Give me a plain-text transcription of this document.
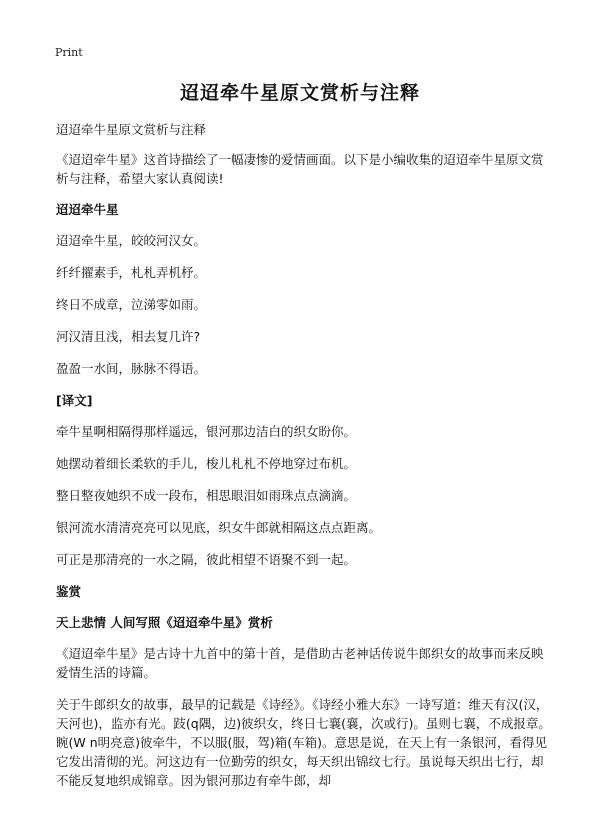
Print
迢迢牵牛星原文赏析与注释

迢迢牵牛星原文赏析与注释

《迢迢牵牛星》这首诗描绘了一幅凄惨的爱情画面。以下是小编收集的迢迢牵牛星原文赏析与注释，希望大家认真阅读!

迢迢牵牛星

迢迢牵牛星，皎皎河汉女。

纤纤擢素手，札札弄机杼。

终日不成章，泣涕零如雨。

河汉清且浅，相去复几许?

盈盈一水间，脉脉不得语。

[译文]

牵牛星啊相隔得那样遥远，银河那边洁白的织女盼你。

她摆动着细长柔软的手儿，梭儿札札不停地穿过布机。

整日整夜她织不成一段布，相思眼泪如雨珠点点滴滴。

银河流水清清亮亮可以见底，织女牛郎就相隔这点点距离。

可正是那清亮的一水之隔，彼此相望不语聚不到一起。

鉴赏

天上悲情 人间写照《迢迢牵牛星》赏析

《迢迢牵牛星》是古诗十九首中的第十首，是借助古老神话传说牛郎织女的故事而来反映爱情生活的诗篇。

关于牛郎织女的故事，最早的记载是《诗经》。《诗经小雅大东》一诗写道：维天有汉(汉，天河也)，监亦有光。跂(q隅，边)彼织女，终日七襄(襄，次或行)。虽则七襄，不成报章。睕(W n明亮意)彼牵牛，不以服(服，驾)箱(车箱)。意思是说，在天上有一条银河，看得见它发出清彻的光。河这边有一位勤劳的织女，每天织出锦纹七行。虽说每天织出七行，却不能反复地织成锦章。因为银河那边有牵牛郎，却
